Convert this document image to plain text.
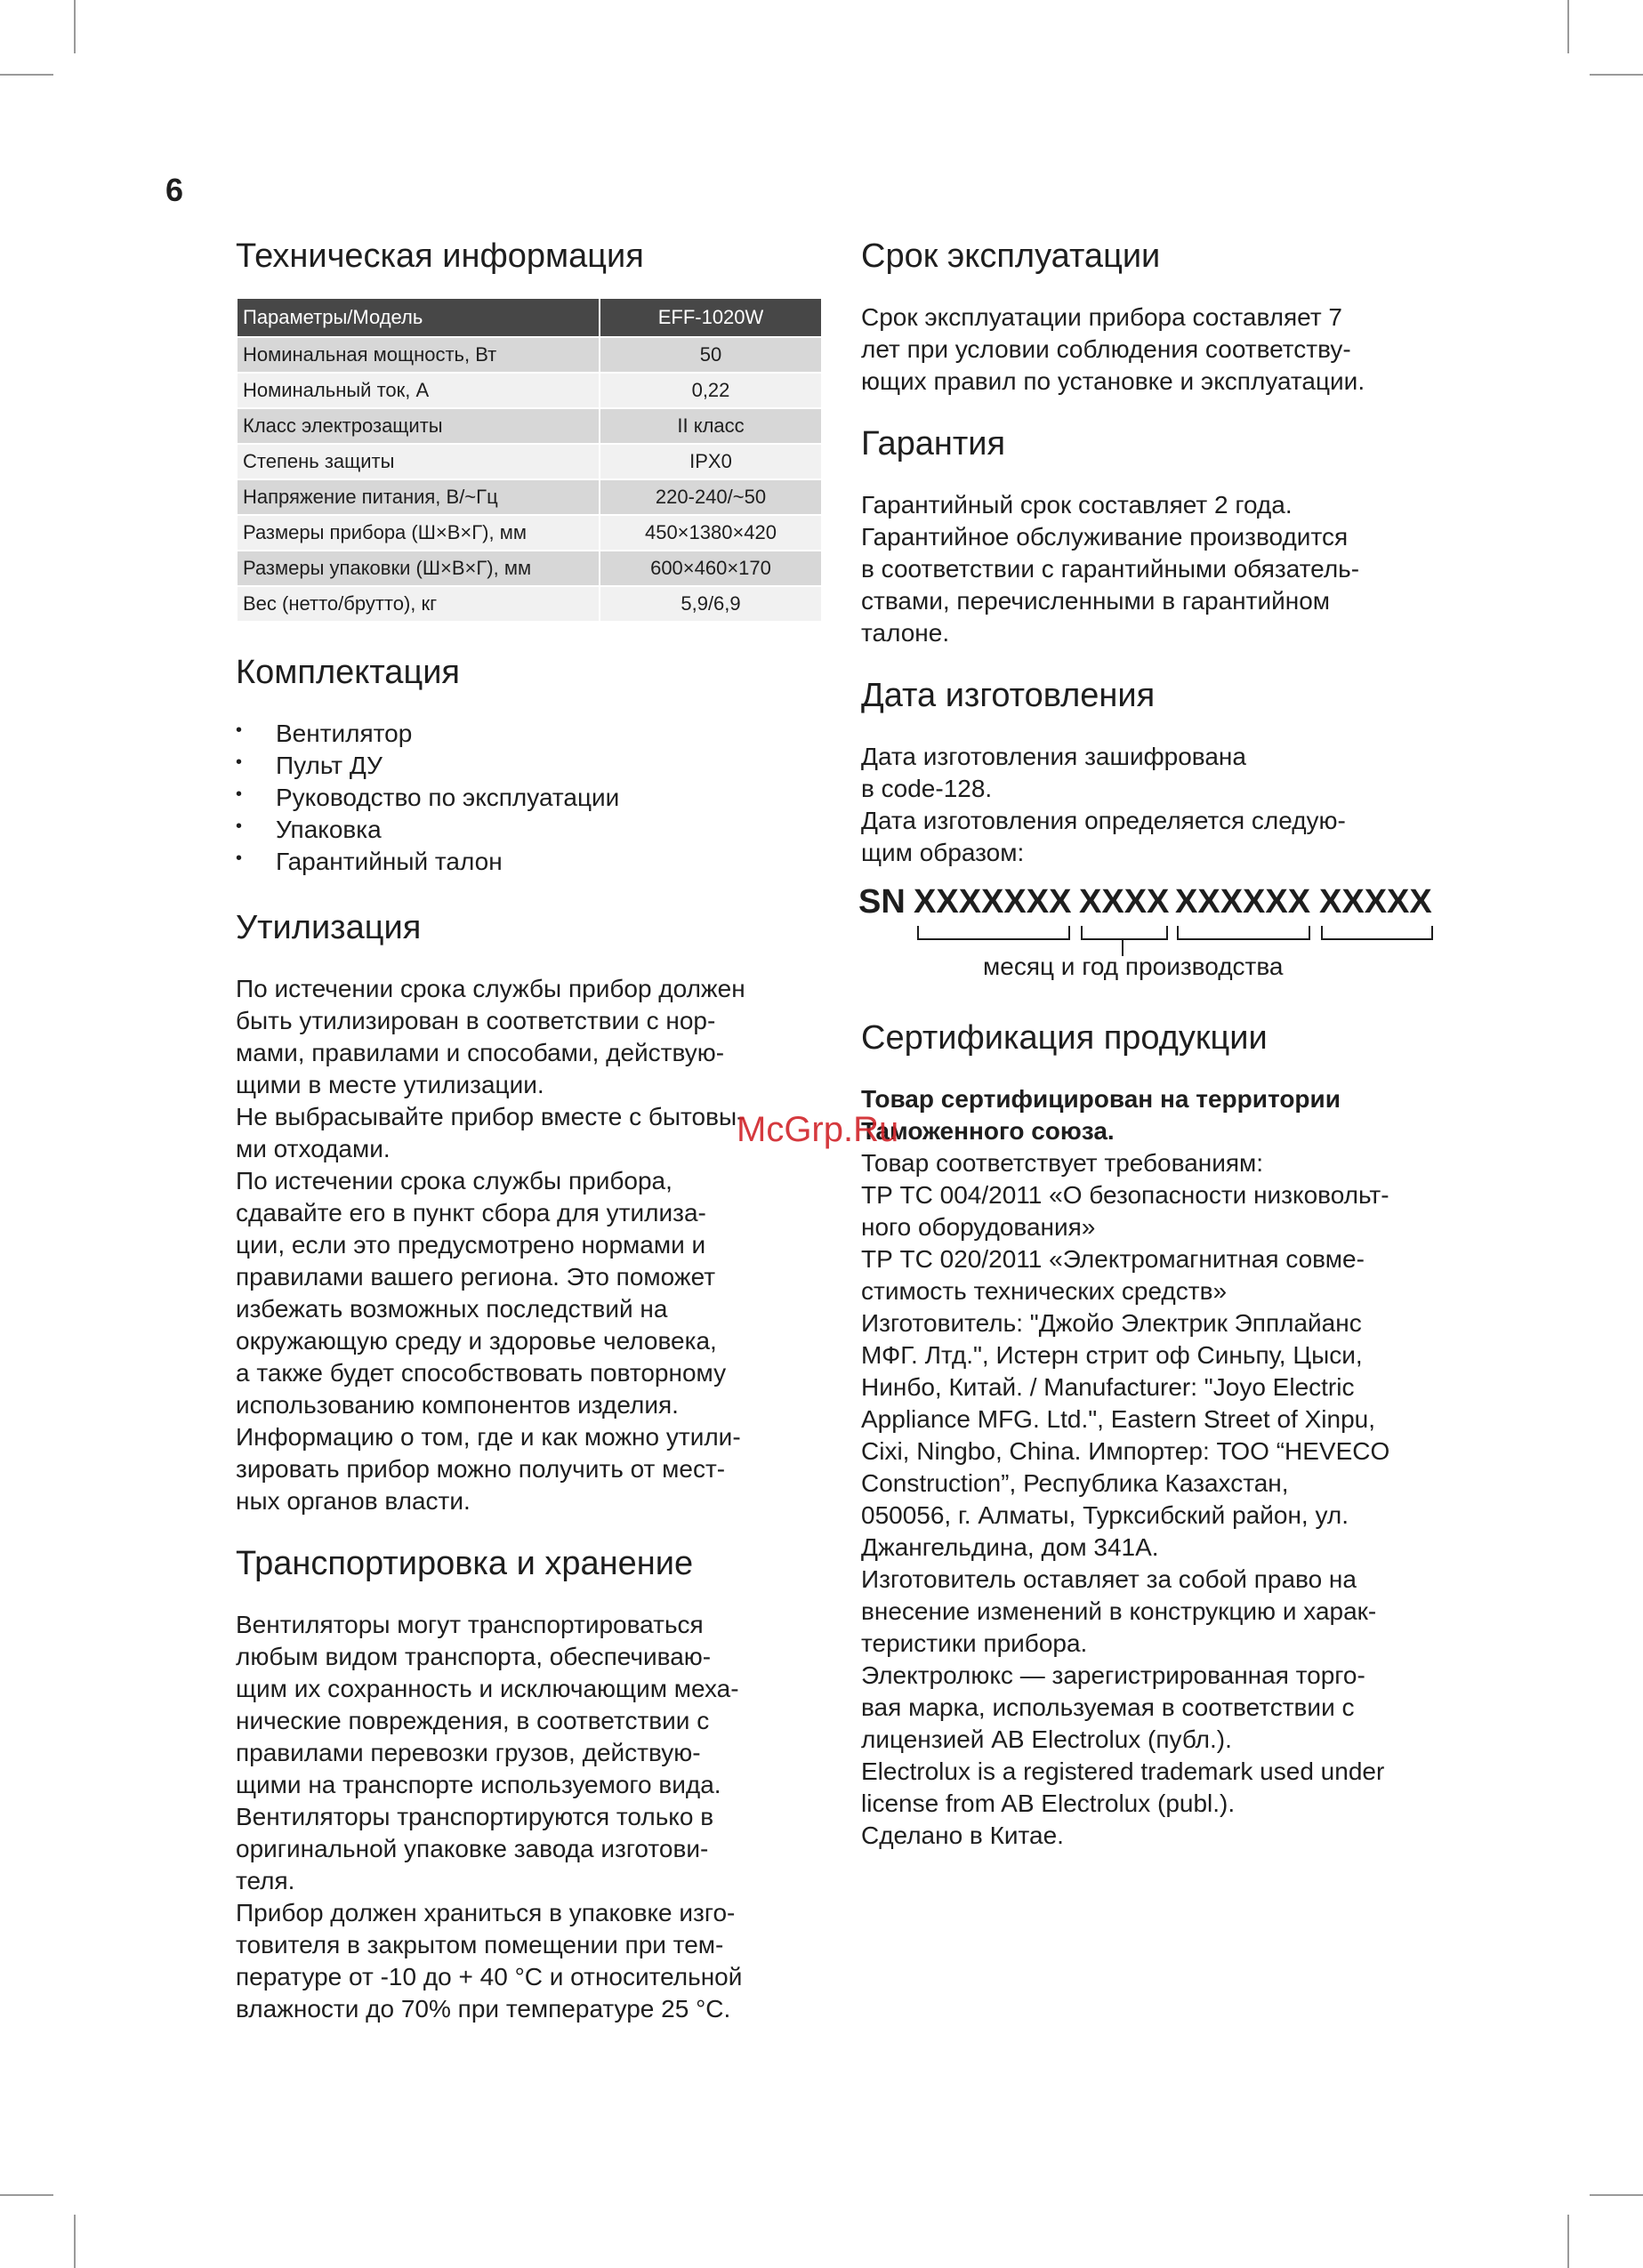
6
Техническая информация
Параметры/Модель	EFF-1020W
Номинальная мощность, Вт	50
Номинальный ток, А	0,22
Класс электрозащиты	II класс
Степень защиты	IPX0
Напряжение питания, В/~Гц	220-240/~50
Размеры прибора (Ш×В×Г), мм	450×1380×420
Размеры упаковки (Ш×В×Г), мм	600×460×170
Вес (нетто/брутто), кг	5,9/6,9
Комплектация
• Вентилятор
• Пульт ДУ
• Руководство по эксплуатации
• Упаковка
• Гарантийный талон
Утилизация

По истечении срока службы прибор должен

быть утилизирован в соответствии с нор-

мами, правилами и способами, действую-

щими в месте утилизации.

Не выбрасывайте прибор вместе с бытовы-

ми отходами.

По истечении срока службы прибора,

сдавайте его в пункт сбора для утилиза-

ции, если это предусмотрено нормами и

правилами вашего региона. Это поможет

избежать возможных последствий на

окружающую среду и здоровье человека,

а также будет способствовать повторному

использованию компонентов изделия.

Информацию о том, где и как можно утили-

зировать прибор можно получить от мест-

ных органов власти.

Транспортировка и хранение

Вентиляторы могут транспортироваться

любым видом транспорта, обеспечиваю-

щим их сохранность и исключающим меха-

нические повреждения, в соответствии с

правилами перевозки грузов, действую-

щими на транспорте используемого вида.

Вентиляторы транспортируются только в

оригинальной упаковке завода изготови-

теля.

Прибор должен храниться в упаковке изго-

товителя в закрытом помещении при тем-

пературе от -10 до + 40 °С и относительной

влажности до 70% при температуре 25 °С.

Срок эксплуатации

Срок эксплуатации прибора составляет 7

лет при условии соблюдения соответству-

ющих правил по установке и эксплуатации.

Гарантия

Гарантийный срок составляет 2 года.

Гарантийное обслуживание производится

в соответствии с гарантийными обязатель-

ствами, перечисленными в гарантийном

талоне.

Дата изготовления

Дата изготовления зашифрована

в code-128.

Дата изготовления определяется следую-

щим образом:

SN XXXXXXX XXXX XXXXXX XXXXX
месяц и год производства
Сертификация продукции

Товар сертифицирован на территории

Таможенного союза.

Товар соответствует требованиям:

ТР ТС 004/2011 «О безопасности низковольт-

ного оборудования»

ТР ТС 020/2011 «Электромагнитная совме-

стимость технических средств»

Изготовитель: "Джойо Электрик Эпплайанс

МФГ. Лтд.", Истерн стрит оф Синьпу, Цыси,

Нинбо, Китай. / Manufacturer: "Joyo Electric

Appliance MFG. Ltd.", Eastern Street of Xinpu,

Cixi, Ningbo, China. Импортер: ТОО “HEVECO

Construction”, Республика Казахстан,

050056, г. Алматы, Турксибский район, ул.

Джангельдина, дом 341А.

Изготовитель оставляет за собой право на

внесение изменений в конструкцию и харак-

теристики прибора.

Электролюкс — зарегистрированная торго-

вая марка, используемая в соответствии с

лицензией AB Electrolux (публ.).

Electrolux is a registered trademark used under

license from AB Electrolux (publ.).

Сделано в Китае.

McGrp.Ru
